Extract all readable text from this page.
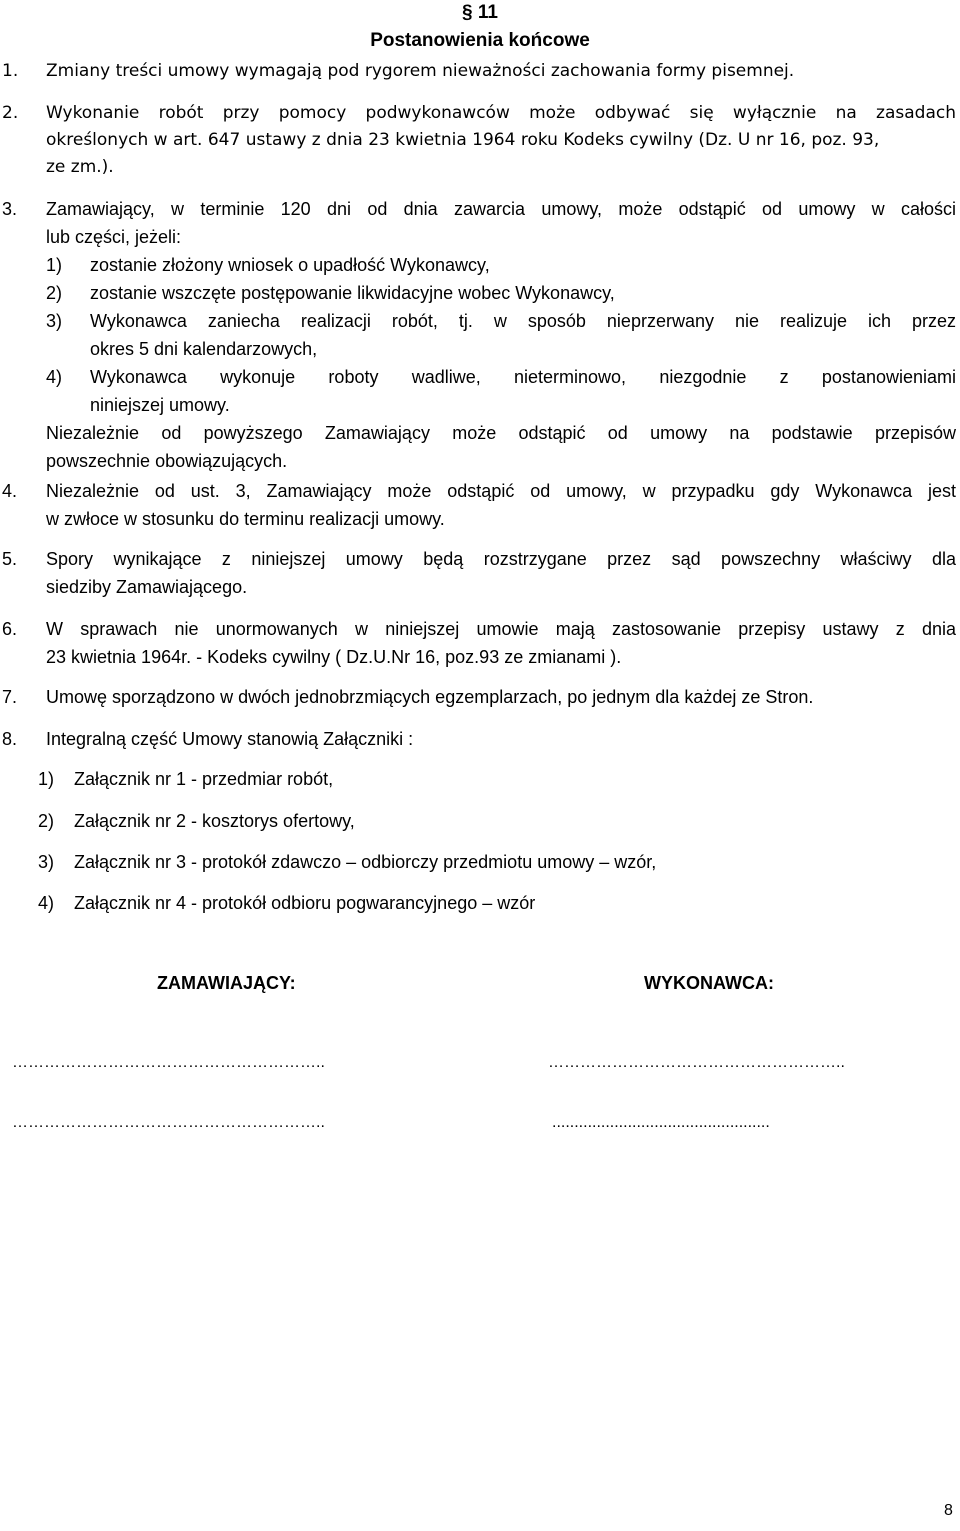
§ 11
Postanowienia końcowe
1. Zmiany treści umowy wymagają pod rygorem nieważności zachowania formy pisemnej.
2. Wykonanie robót przy pomocy podwykonawców może odbywać się wyłącznie na zasadach
określonych w art. 647 ustawy z dnia 23 kwietnia 1964 roku Kodeks cywilny (Dz. U nr 16, poz. 93,
ze zm.).
3. Zamawiający, w terminie 120 dni od dnia zawarcia umowy, może odstąpić od umowy w całości
lub części, jeżeli:
1) zostanie złożony wniosek o upadłość Wykonawcy,
2) zostanie wszczęte postępowanie likwidacyjne wobec Wykonawcy,
3) Wykonawca zaniecha realizacji robót, tj. w sposób nieprzerwany nie realizuje ich przez
okres 5 dni kalendarzowych,
4) Wykonawca wykonuje roboty wadliwe, nieterminowo, niezgodnie z postanowieniami
niniejszej umowy.
Niezależnie od powyższego Zamawiający może odstąpić od umowy na podstawie przepisów
powszechnie obowiązujących.
4. Niezależnie od ust. 3, Zamawiający może odstąpić od umowy, w przypadku gdy Wykonawca jest
w zwłoce w stosunku do terminu realizacji umowy.
5. Spory wynikające z niniejszej umowy będą rozstrzygane przez sąd powszechny właściwy dla
siedziby Zamawiającego.
6. W sprawach nie unormowanych w niniejszej umowie mają zastosowanie przepisy ustawy z dnia
23 kwietnia 1964r. - Kodeks cywilny ( Dz.U.Nr 16, poz.93 ze zmianami ).
7. Umowę sporządzono w dwóch jednobrzmiących egzemplarzach, po jednym dla każdej ze Stron.
8. Integralną część Umowy stanowią Załączniki :
1) Załącznik nr 1 - przedmiar robót,
2) Załącznik nr 2 - kosztorys ofertowy,
3) Załącznik nr 3 - protokół zdawczo – odbiorczy przedmiotu umowy – wzór,
4) Załącznik nr 4 - protokół odbioru pogwarancyjnego – wzór
ZAMAWIAJĄCY:	WYKONAWCA:
…………………………………………………..	………………………………………………..
…………………………………………………..	.................................................
8
